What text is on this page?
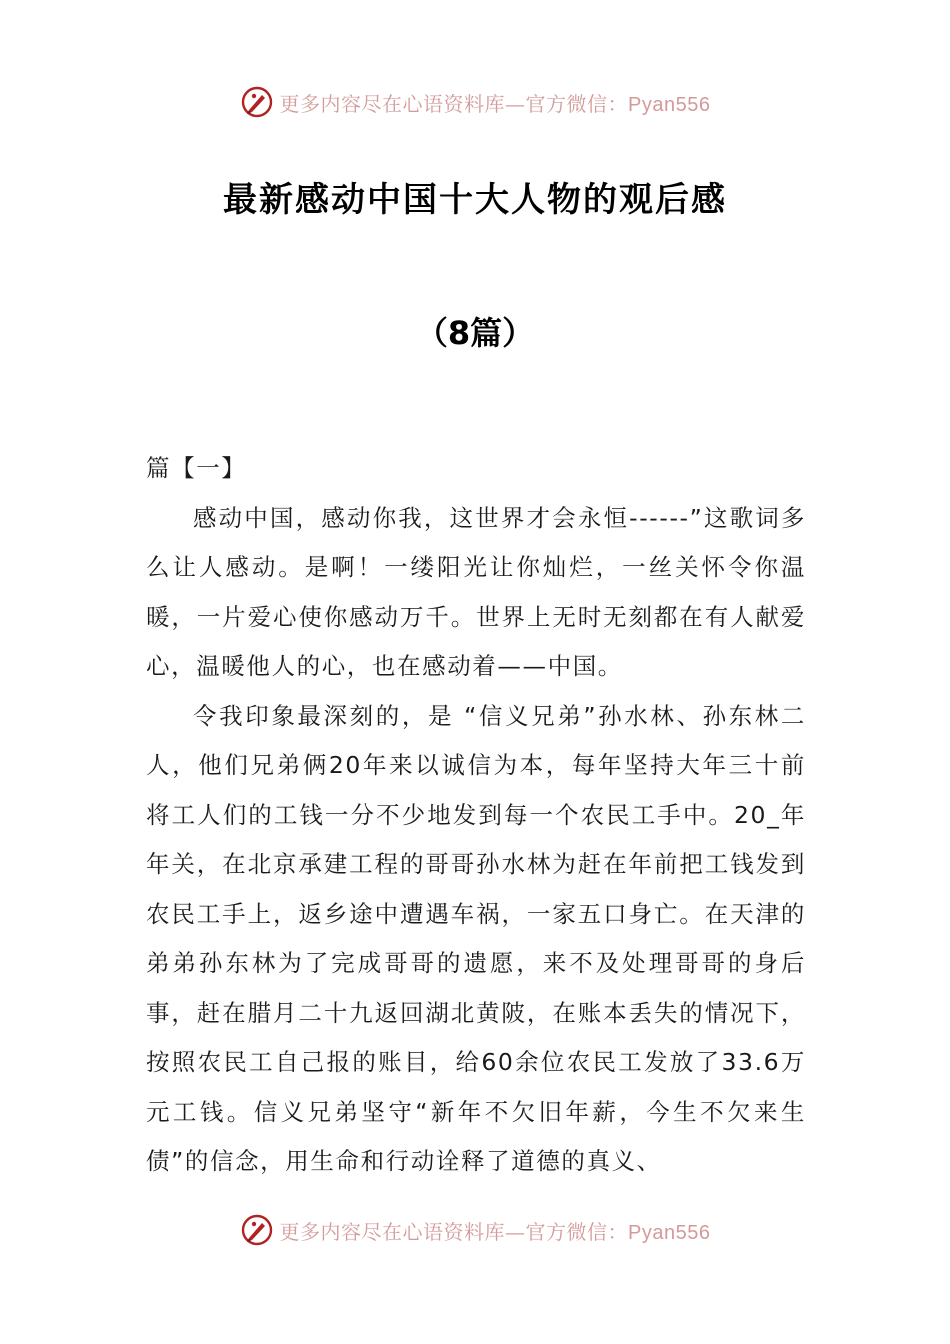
更多内容尽在心语资料库—官方微信：Pyan556
最新感动中国十大人物的观后感
（8篇）

篇【一】

感动中国，感动你我，这世界才会永恒------”这歌词多么让人感动。是啊！一缕阳光让你灿烂，一丝关怀令你温暖，一片爱心使你感动万千。世界上无时无刻都在有人献爱心，温暖他人的心，也在感动着——中国。

令我印象最深刻的，是 “信义兄弟”孙水林、孙东林二人，他们兄弟俩20年来以诚信为本，每年坚持大年三十前将工人们的工钱一分不少地发到每一个农民工手中。20_年年关，在北京承建工程的哥哥孙水林为赶在年前把工钱发到农民工手上，返乡途中遭遇车祸，一家五口身亡。在天津的弟弟孙东林为了完成哥哥的遗愿，来不及处理哥哥的身后事，赶在腊月二十九返回湖北黄陂，在账本丢失的情况下，按照农民工自己报的账目，给60余位农民工发放了33.6万元工钱。信义兄弟坚守“新年不欠旧年薪，今生不欠来生债”的信念，用生命和行动诠释了道德的真义、

更多内容尽在心语资料库—官方微信：Pyan556
